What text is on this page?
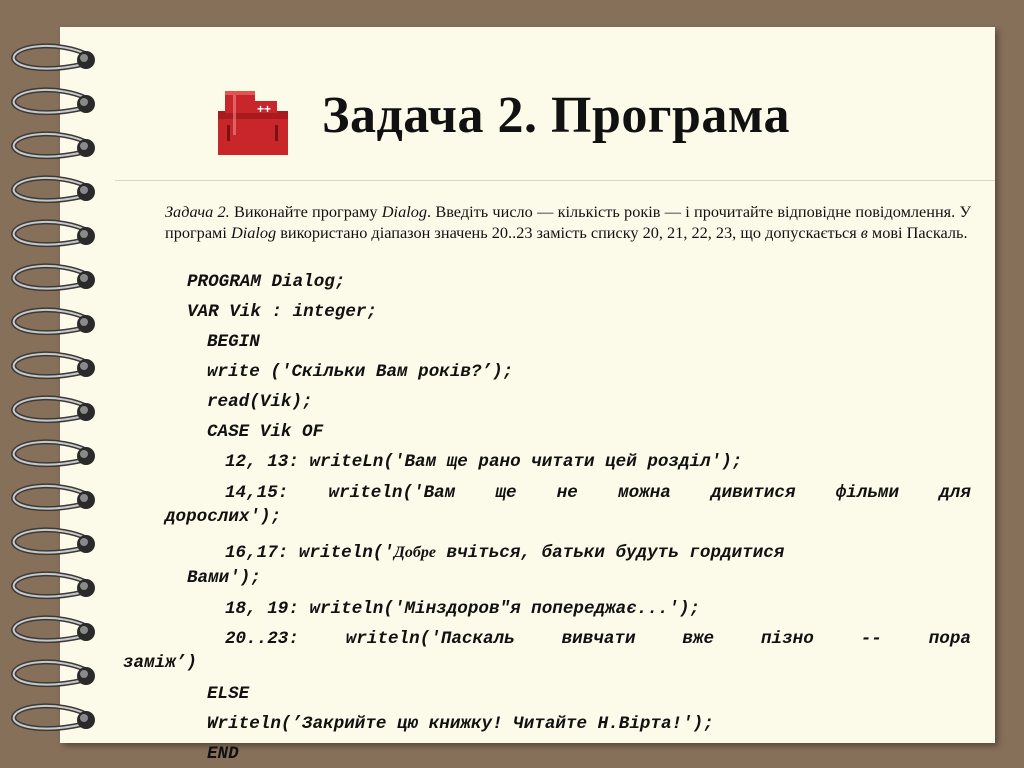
++ Задача 2. Програма
Задача 2. Виконайте програму Dialog. Введіть число — кількість років — і прочитайте відповідне повідомлення. У програмі Dialog використано діапазон значень 20..23 замість списку 20, 21, 22, 23, що допускається в мові Паскаль.

PROGRAM Dialog;

VAR Vik : integer;

BEGIN

write ('Скільки Вам років?’);

read(Vik);

CASE Vik OF

12, 13: writeLn('Вам ще рано читати цей розділ');

14,15: writeln('Вам ще не можна дивитися фільми для

дорослих');

16,17: writeln('Добре вчіться, батьки будуть гордитися

Вами');

18, 19: writeln('Мінздоров"я попереджає...');

20..23:	writeln('Паскаль	вивчати	вже	пізно	--	пора

заміж’)

ELSE

Writeln(’Закрийте цю книжку! Читайте Н.Вірта!');

END
